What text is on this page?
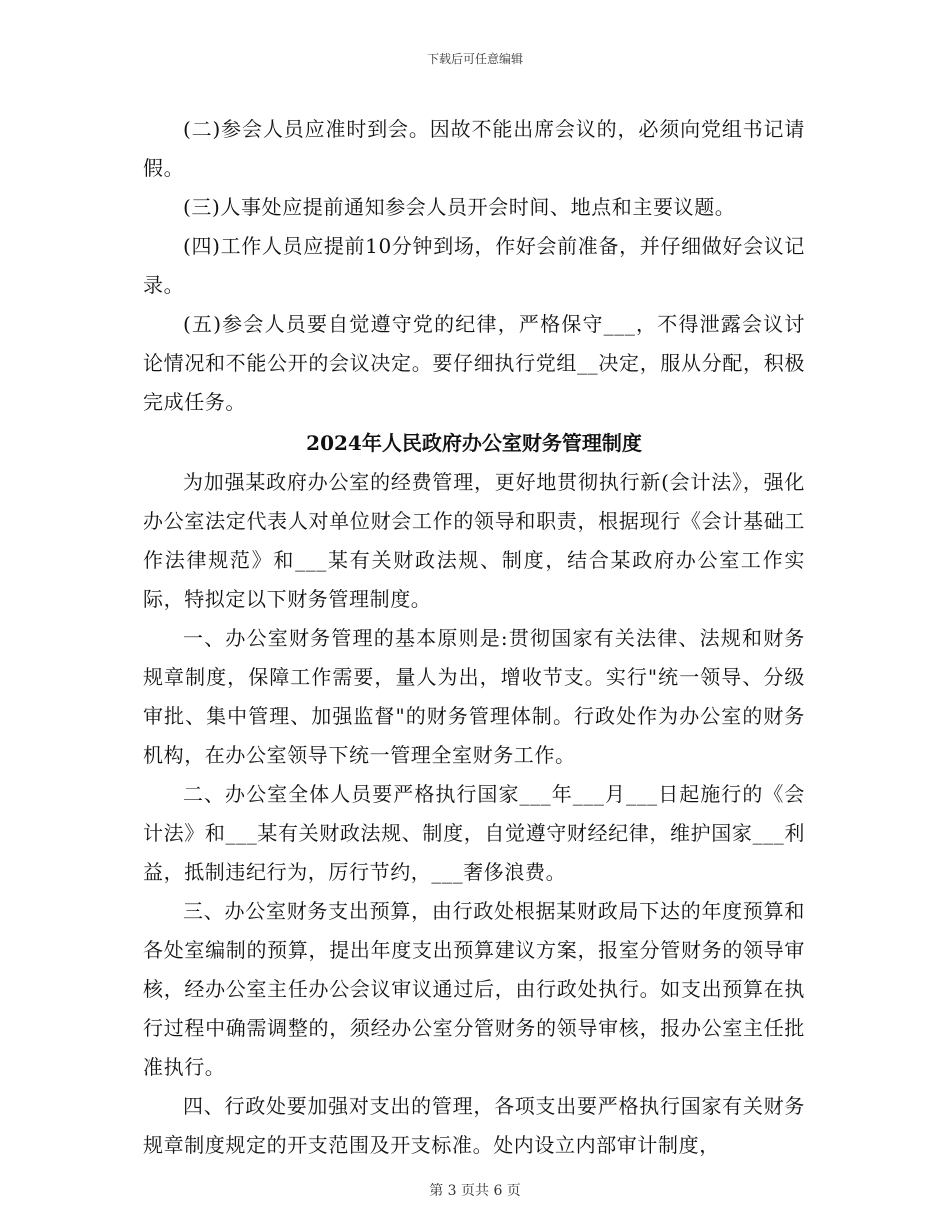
下载后可任意编辑

(二)参会人员应准时到会。因故不能出席会议的，必须向党组书记请假。

(三)人事处应提前通知参会人员开会时间、地点和主要议题。

(四)工作人员应提前10分钟到场，作好会前准备，并仔细做好会议记录。

(五)参会人员要自觉遵守党的纪律，严格保守___，不得泄露会议讨论情况和不能公开的会议决定。要仔细执行党组__决定，服从分配，积极完成任务。

2024年人民政府办公室财务管理制度

为加强某政府办公室的经费管理，更好地贯彻执行新(会计法》，强化办公室法定代表人对单位财会工作的领导和职责，根据现行《会计基础工作法律规范》和___某有关财政法规、制度，结合某政府办公室工作实际，特拟定以下财务管理制度。

一、办公室财务管理的基本原则是:贯彻国家有关法律、法规和财务规章制度，保障工作需要，量人为出，增收节支。实行"统一领导、分级审批、集中管理、加强监督"的财务管理体制。行政处作为办公室的财务机构，在办公室领导下统一管理全室财务工作。

二、办公室全体人员要严格执行国家___年___月___日起施行的《会计法》和___某有关财政法规、制度，自觉遵守财经纪律，维护国家___利益，抵制违纪行为，厉行节约，___奢侈浪费。

三、办公室财务支出预算，由行政处根据某财政局下达的年度预算和各处室编制的预算，提出年度支出预算建议方案，报室分管财务的领导审核，经办公室主任办公会议审议通过后，由行政处执行。如支出预算在执行过程中确需调整的，须经办公室分管财务的领导审核，报办公室主任批准执行。

四、行政处要加强对支出的管理，各项支出要严格执行国家有关财务规章制度规定的开支范围及开支标准。处内设立内部审计制度，

第 3 页共 6 页
